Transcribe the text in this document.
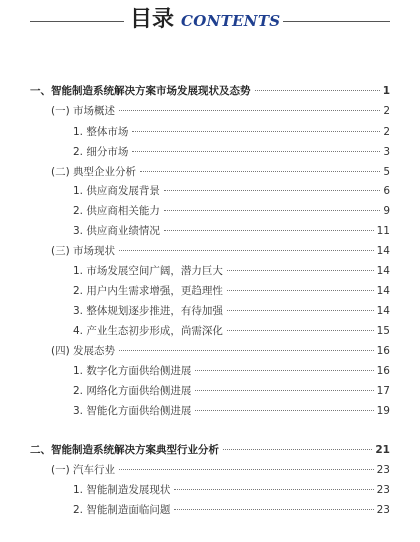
目录 CONTENTS
一、智能制造系统解决方案市场发展现状及态势	1
(一) 市场概述	2
1. 整体市场	2
2. 细分市场	3
(二) 典型企业分析	5
1. 供应商发展背景	6
2. 供应商相关能力	9
3. 供应商业绩情况	11
(三) 市场现状	14
1. 市场发展空间广阔，潜力巨大	14
2. 用户内生需求增强，更趋理性	14
3. 整体规划逐步推进，有待加强	14
4. 产业生态初步形成，尚需深化	15
(四) 发展态势	16
1. 数字化方面供给侧进展	16
2. 网络化方面供给侧进展	17
3. 智能化方面供给侧进展	19
二、智能制造系统解决方案典型行业分析	21
(一) 汽车行业	23
1. 智能制造发展现状	23
2. 智能制造面临问题	23
